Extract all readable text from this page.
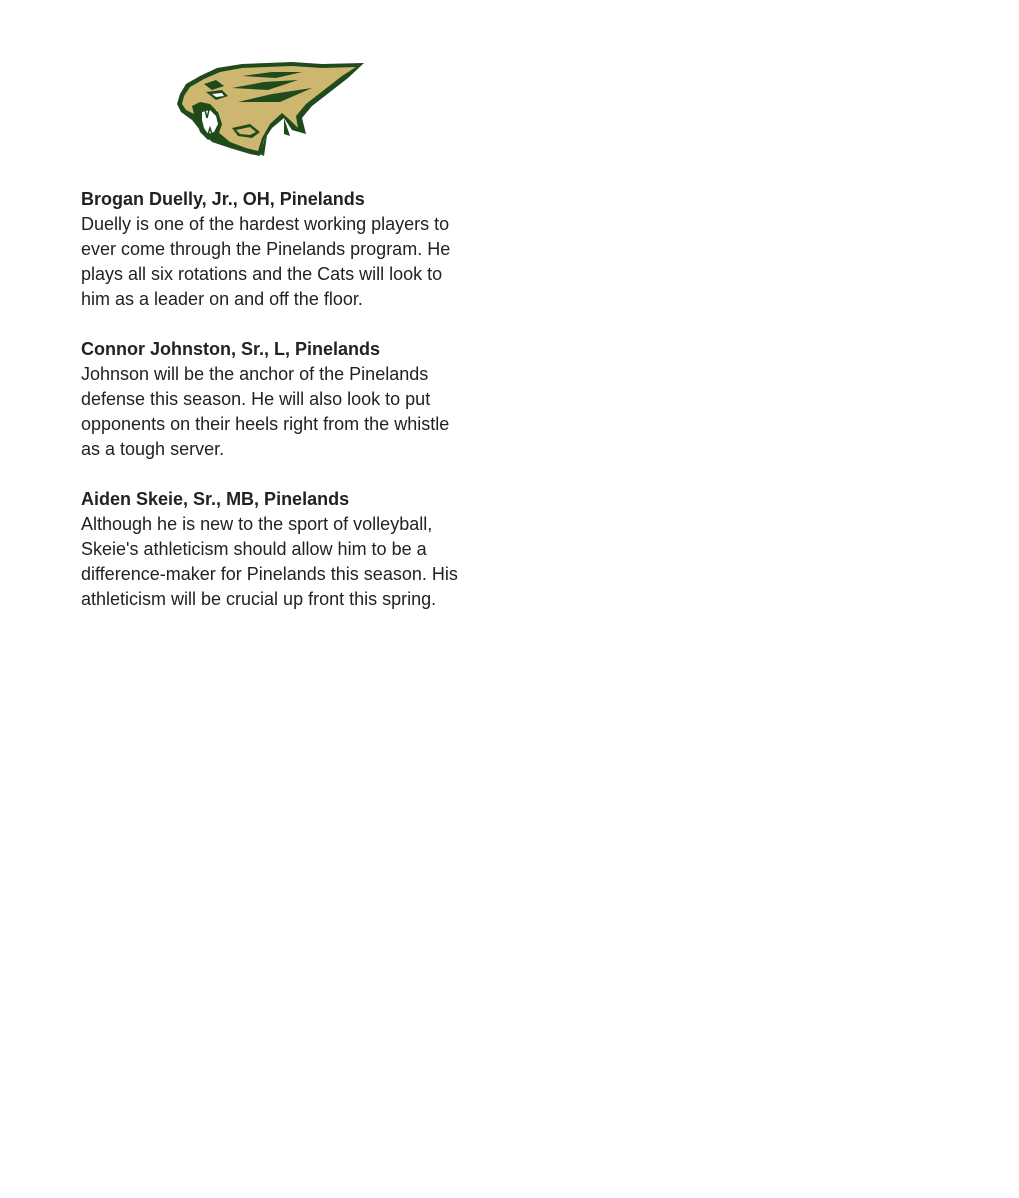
Brogan Duelly, Jr., OH, Pinelands
Duelly is one of the hardest working players to ever come through the Pinelands program. He plays all six rotations and the Cats will look to him as a leader on and off the floor.
Connor Johnston, Sr., L, Pinelands
Johnson will be the anchor of the Pinelands defense this season. He will also look to put opponents on their heels right from the whistle as a tough server.
Aiden Skeie, Sr., MB, Pinelands
Although he is new to the sport of volleyball, Skeie's athleticism should allow him to be a difference-maker for Pinelands this season. His athleticism will be crucial up front this spring.
